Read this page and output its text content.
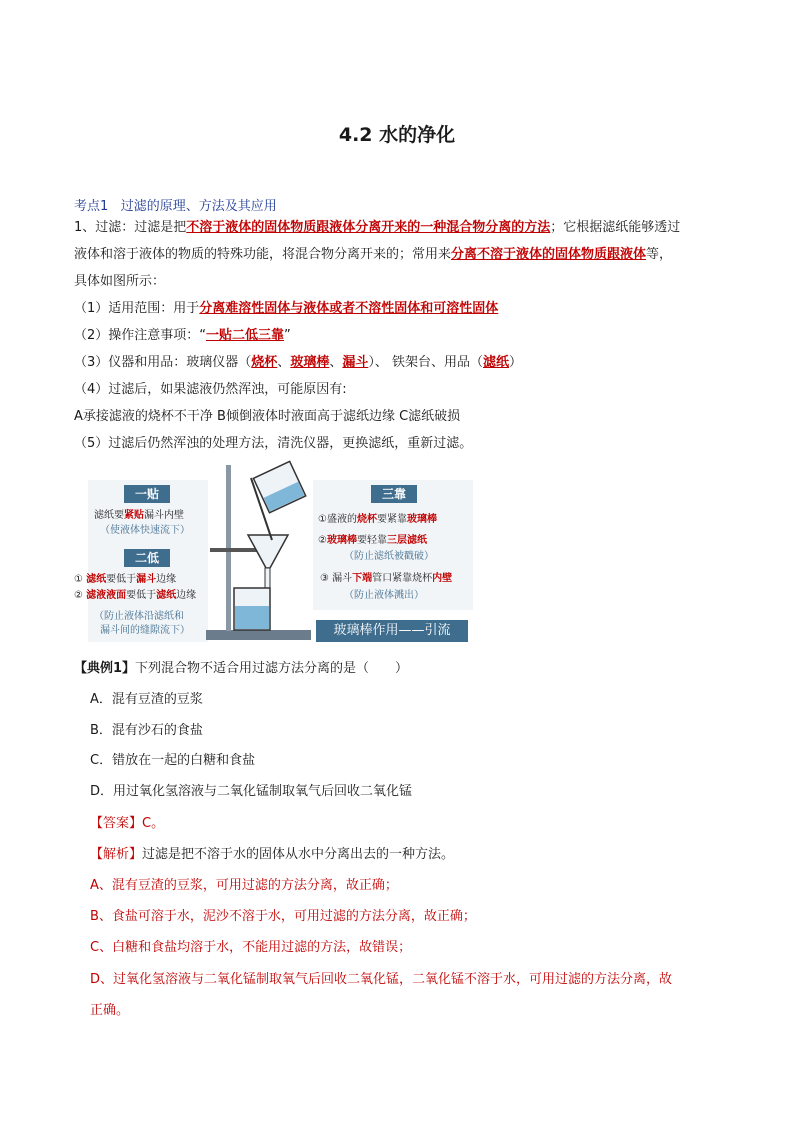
4.2 水的净化
考点1 过滤的原理、方法及其应用
1、过滤：过滤是把不溶于液体的固体物质跟液体分离开来的一种混合物分离的方法；它根据滤纸能够透过
液体和溶于液体的物质的特殊功能，将混合物分离开来的；常用来分离不溶于液体的固体物质跟液体等，
具体如图所示：
（1）适用范围：用于分离难溶性固体与液体或者不溶性固体和可溶性固体
（2）操作注意事项：“一贴二低三靠”
（3）仪器和用品：玻璃仪器（烧杯、玻璃棒、漏斗）、 铁架台、用品（滤纸）
（4）过滤后，如果滤液仍然浑浊，可能原因有:
A承接滤液的烧杯不干净 B倾倒液体时液面高于滤纸边缘 C滤纸破损
（5）过滤后仍然浑浊的处理方法，清洗仪器，更换滤纸，重新过滤。
一贴
滤纸要紧贴漏斗内壁
（使液体快速流下）
二低
① 滤纸要低于漏斗边缘
② 滤液液面要低于滤纸边缘
（防止液体沿滤纸和
漏斗间的缝隙流下）
三靠
①盛液的烧杯要紧靠玻璃棒
②玻璃棒要轻靠三层滤纸
（防止滤纸被戳破）
③ 漏斗下端管口紧靠烧杯内壁
（防止液体溅出）
玻璃棒作用——引流
【典例1】下列混合物不适合用过滤方法分离的是（　　）
A．混有豆渣的豆浆
B．混有沙石的食盐
C．错放在一起的白糖和食盐
D．用过氧化氢溶液与二氧化锰制取氧气后回收二氧化锰
【答案】C。
【解析】过滤是把不溶于水的固体从水中分离出去的一种方法。
A、混有豆渣的豆浆，可用过滤的方法分离，故正确；
B、食盐可溶于水，泥沙不溶于水，可用过滤的方法分离，故正确；
C、白糖和食盐均溶于水，不能用过滤的方法，故错误；
D、过氧化氢溶液与二氧化锰制取氧气后回收二氧化锰，二氧化锰不溶于水，可用过滤的方法分离，故
正确。
